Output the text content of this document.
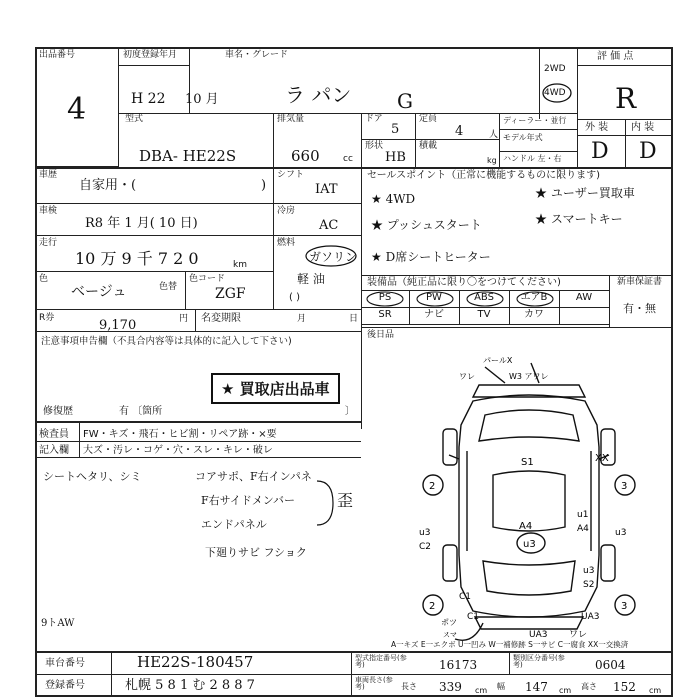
出品番号
4
初度登録年月
H 22 10 月
車名・グレード
ラ パン G
2WD
4WD
評 価 点
R
外 装 内 装
D D
型式
DBA- HE22S
排気量
660	cc
ドア
5
定員
4	人
形状
HB
積載
kg
ディーラー・並行
モデル年式
ハンドル 左・右
車歴
自家用・(	)
シフト
IAT
車検
R8 年 1 月( 10 日)
冷房
AC
走行
10 万 9 千 7 2 0	km
燃料
ガソリン
軽 油
( )
色
ベージュ	色替
色コード
ZGF
R券	9,170	円 名変期限	月	日
セールスポイント（正常に機能するものに限ります)
★ 4WD	★ ユーザー買取車
★ プッシュスタート	★ スマートキー
★ D席シートヒーター
装備品（純正品に限り〇をつけてください)	新車保証書
有・無
PS	PW	ABS	エアB	AW
SR	ナビ	TV	カワ
後日品
注意事項申告欄（不具合内容等は具体的に記入して下さい)
★ 買取店出品車
修復歴	有 〔箇所	〕
検査員
記入欄
FW・キズ・飛石・ヒビ割・リペア跡・×要
大ズ・汚レ・コゲ・穴・スレ・キレ・破レ
シートヘタリ、シミ	コアサポ、F右インパネ
F右サイドメンバー
エンドパネル
下廻りサビ フショク
歪
9トAW
パールX
W3 アワレ
ワレ
S1	XX
2	3
u1
A4
u3
C2
A4
u3
u3
u3
S2
2	3
C1
C1	UA3
UA3 ワレ
ポツ
スマ
A一キズ E一エクボ U一凹み W一補修跡 S一サビ C一腐食 XX一交換済
車台番号	HE22S-180457
登録番号	札幌 5 8 1 む 2 8 8 7
型式指定番号(参考)	16173	類別区分番号(参考)	0604
車両長さ(参考)	長さ 339 cm 幅 147 cm 高さ 152 cm
